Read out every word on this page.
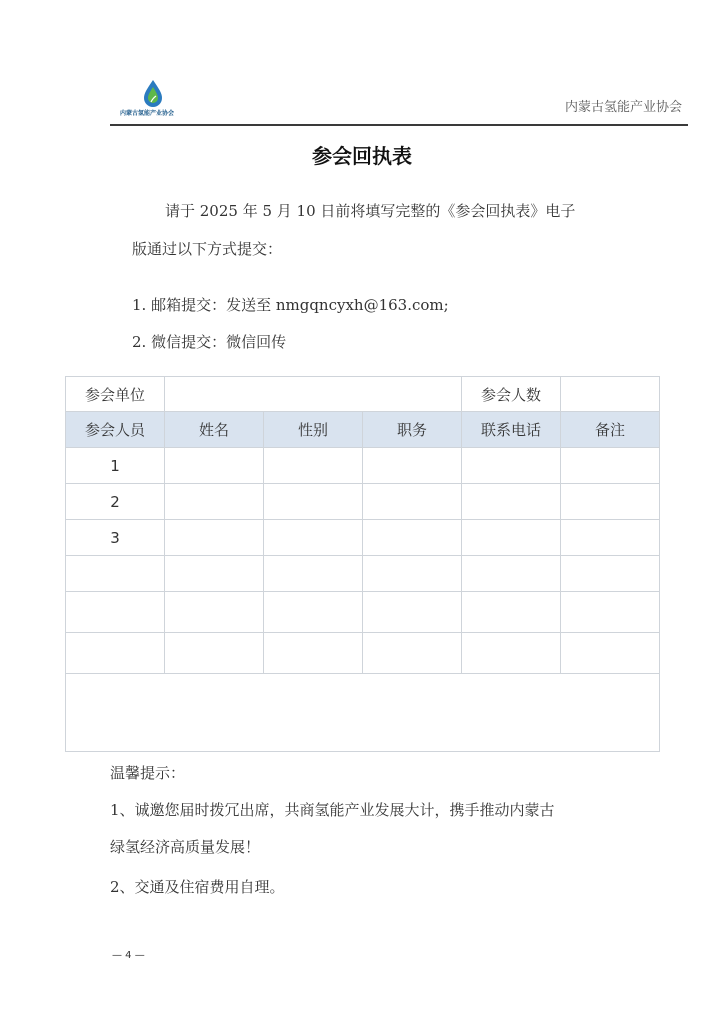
内蒙古氢能产业协会	内蒙古氢能产业协会
参会回执表
请于 2025 年 5 月 10 日前将填写完整的《参会回执表》电子
版通过以下方式提交：
1. 邮箱提交：发送至 nmgqncyxh@163.com;
2. 微信提交：微信回传
参会单位				参会人数	
参会人员	姓名	性别	职务	联系电话	备注
1					
2					
3					

温馨提示：
1、诚邀您届时拨冗出席，共商氢能产业发展大计，携手推动内蒙古
绿氢经济高质量发展！
2、交通及住宿费用自理。
— 4 —
